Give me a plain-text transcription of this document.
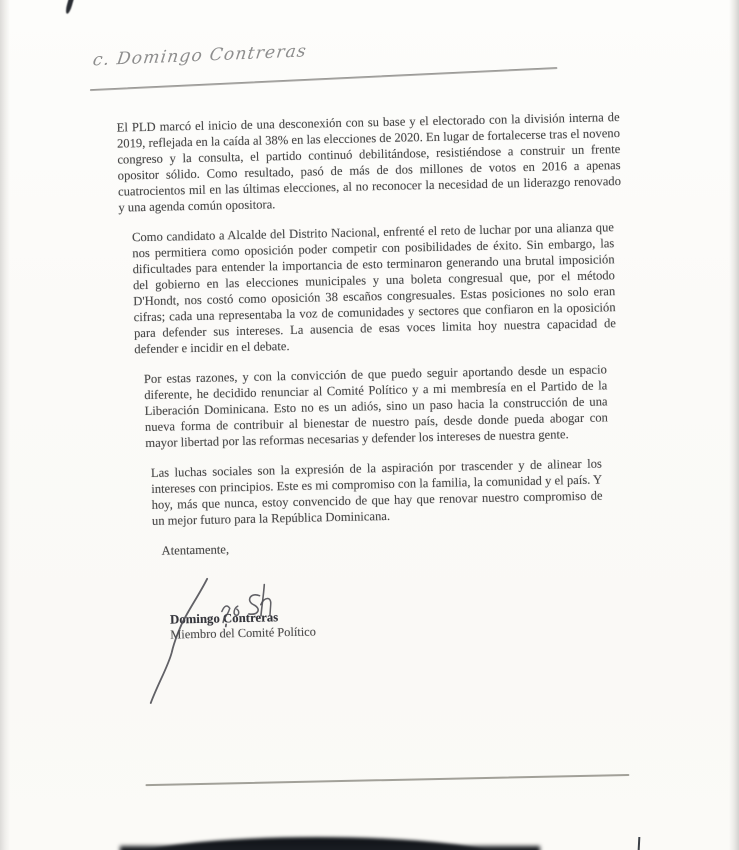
c. Domingo Contreras

El PLD marcó el inicio de una desconexión con su base y el electorado con la división interna de 2019, reflejada en la caída al 38% en las elecciones de 2020. En lugar de fortalecerse tras el noveno congreso y la consulta, el partido continuó debilitándose, resistiéndose a construir un frente opositor sólido. Como resultado, pasó de más de dos millones de votos en 2016 a apenas cuatrocientos mil en las últimas elecciones, al no reconocer la necesidad de un liderazgo renovado y una agenda común opositora.

Como candidato a Alcalde del Distrito Nacional, enfrenté el reto de luchar por una alianza que nos permitiera como oposición poder competir con posibilidades de éxito. Sin embargo, las dificultades para entender la importancia de esto terminaron generando una brutal imposición del gobierno en las elecciones municipales y una boleta congresual que, por el método D'Hondt, nos costó como oposición 38 escaños congresuales. Estas posiciones no solo eran cifras; cada una representaba la voz de comunidades y sectores que confiaron en la oposición para defender sus intereses. La ausencia de esas voces limita hoy nuestra capacidad de defender e incidir en el debate.

Por estas razones, y con la convicción de que puedo seguir aportando desde un espacio diferente, he decidido renunciar al Comité Político y a mi membresía en el Partido de la Liberación Dominicana. Esto no es un adiós, sino un paso hacia la construcción de una nueva forma de contribuir al bienestar de nuestro país, desde donde pueda abogar con mayor libertad por las reformas necesarias y defender los intereses de nuestra gente.

Las luchas sociales son la expresión de la aspiración por trascender y de alinear los intereses con principios. Este es mi compromiso con la familia, la comunidad y el país. Y hoy, más que nunca, estoy convencido de que hay que renovar nuestro compromiso de un mejor futuro para la República Dominicana.

Atentamente,

Domingo Contreras
Miembro del Comité Político
